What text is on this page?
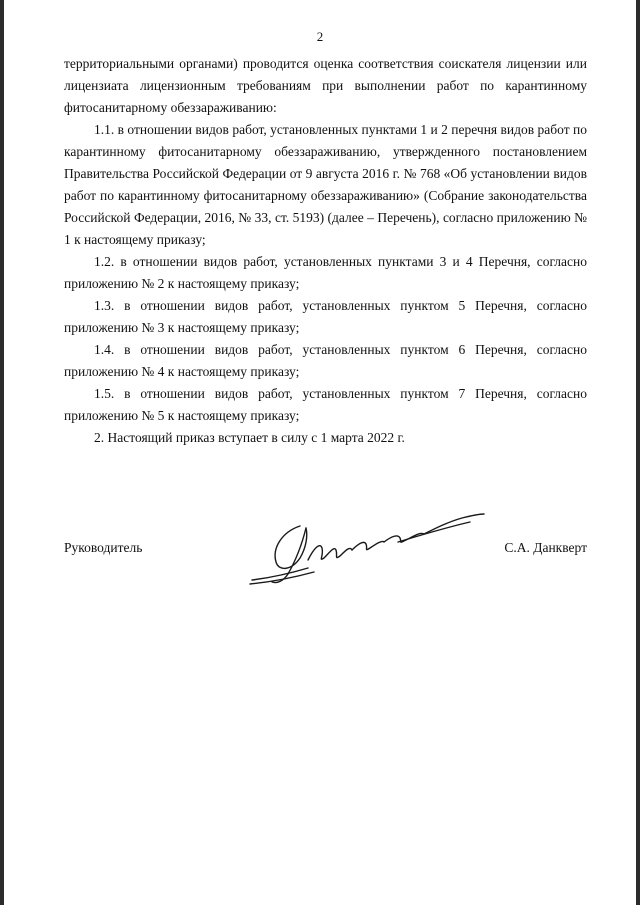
2

территориальными органами) проводится оценка соответствия соискателя лицензии или лицензиата лицензионным требованиям при выполнении работ по карантинному фитосанитарному обеззараживанию:

1.1. в отношении видов работ, установленных пунктами 1 и 2 перечня видов работ по карантинному фитосанитарному обеззараживанию, утвержденного постановлением Правительства Российской Федерации от 9 августа 2016 г. № 768 «Об установлении видов работ по карантинному фитосанитарному обеззараживанию» (Собрание законодательства Российской Федерации, 2016, № 33, ст. 5193) (далее – Перечень), согласно приложению № 1 к настоящему приказу;

1.2. в отношении видов работ, установленных пунктами 3 и 4 Перечня, согласно приложению № 2 к настоящему приказу;

1.3. в отношении видов работ, установленных пунктом 5 Перечня, согласно приложению № 3 к настоящему приказу;

1.4. в отношении видов работ, установленных пунктом 6 Перечня, согласно приложению № 4 к настоящему приказу;

1.5. в отношении видов работ, установленных пунктом 7 Перечня, согласно приложению № 5 к настоящему приказу;

2. Настоящий приказ вступает в силу с 1 марта 2022 г.

Руководитель	С.А. Данкверт
